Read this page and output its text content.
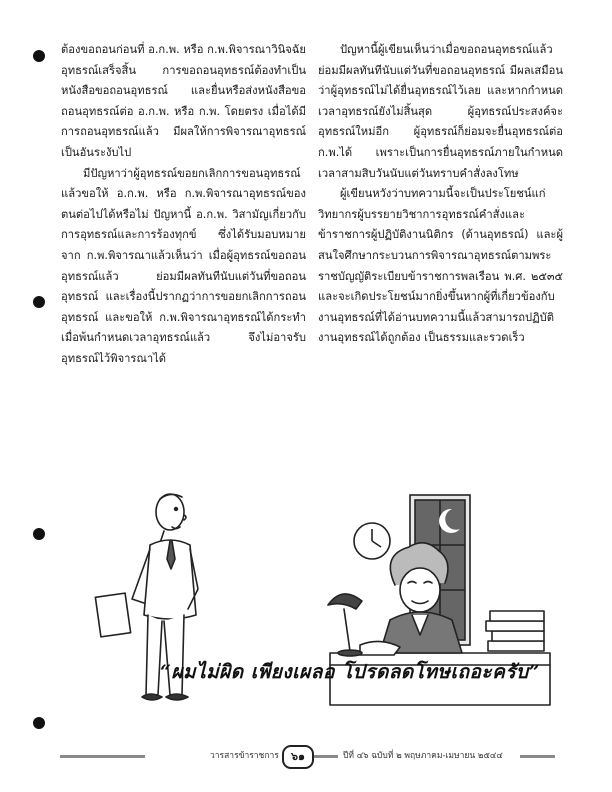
ต้องขอถอนก่อนที่ อ.ก.พ. หรือ ก.พ.พิจารณาวินิจฉัยอุทธรณ์เสร็จสิ้น การขอถอนอุทธรณ์ต้องทำเป็นหนังสือขอถอนอุทธรณ์ และยื่นหรือส่งหนังสือขอถอนอุทธรณ์ต่อ อ.ก.พ. หรือ ก.พ. โดยตรง เมื่อได้มีการถอนอุทธรณ์แล้ว มีผลให้การพิจารณาอุทธรณ์เป็นอันระงับไป

มีปัญหาว่าผู้อุทธรณ์ขอยกเลิกการขอนอุทธรณ์ แล้วขอให้ อ.ก.พ. หรือ ก.พ.พิจารณาอุทธรณ์ของตนต่อไปได้หรือไม่ ปัญหานี้ อ.ก.พ. วิสามัญเกี่ยวกับการอุทธรณ์และการร้องทุกข์ ซึ่งได้รับมอบหมายจาก ก.พ.พิจารณาแล้วเห็นว่า เมื่อผู้อุทธรณ์ขอถอนอุทธรณ์แล้ว ย่อมมีผลทันทีนับแต่วันที่ขอถอนอุทธรณ์ และเรื่องนี้ปรากฏว่าการขอยกเลิกการถอนอุทธรณ์ และขอให้ ก.พ.พิจารณาอุทธรณ์ได้กระทำเมื่อพ้นกำหนดเวลาอุทธรณ์แล้ว จึงไม่อาจรับอุทธรณ์ไว้พิจารณาได้

ปัญหานี้ผู้เขียนเห็นว่าเมื่อขอถอนอุทธรณ์แล้ว ย่อมมีผลทันทีนับแต่วันที่ขอถอนอุทธรณ์ มีผลเสมือนว่าผู้อุทธรณ์ไม่ได้ยื่นอุทธรณ์ไว้เลย และหากกำหนดเวลาอุทธรณ์ยังไม่สิ้นสุด ผู้อุทธรณ์ประสงค์จะอุทธรณ์ใหม่อีก ผู้อุทธรณ์ก็ย่อมจะยื่นอุทธรณ์ต่อ ก.พ.ได้ เพราะเป็นการยื่นอุทธรณ์ภายในกำหนดเวลาสามสิบวันนับแต่วันทราบคำสั่งลงโทษ

ผู้เขียนหวังว่าบทความนี้จะเป็นประโยชน์แก่วิทยากรผู้บรรยายวิชาการอุทธรณ์คำสั่งและข้าราชการผู้ปฏิบัติงานนิติกร (ด้านอุทธรณ์) และผู้สนใจศึกษากระบวนการพิจารณาอุทธรณ์ตามพระราชบัญญัติระเบียบข้าราชการพลเรือน พ.ศ. ๒๕๓๕ และจะเกิดประโยชน์มากยิ่งขึ้นหากผู้ที่เกี่ยวข้องกับงานอุทธรณ์ที่ได้อ่านบทความนี้แล้วสามารถปฏิบัติงานอุทธรณ์ได้ถูกต้อง เป็นธรรมและรวดเร็ว

“ผมไม่ผิด เพียงเผลอ โปรดลดโทษเถอะครับ”
วารสารข้าราชการ	๖๑	ปีที่ ๔๖ ฉบับที่ ๒ พฤษภาคม-เมษายน ๒๕๔๔
